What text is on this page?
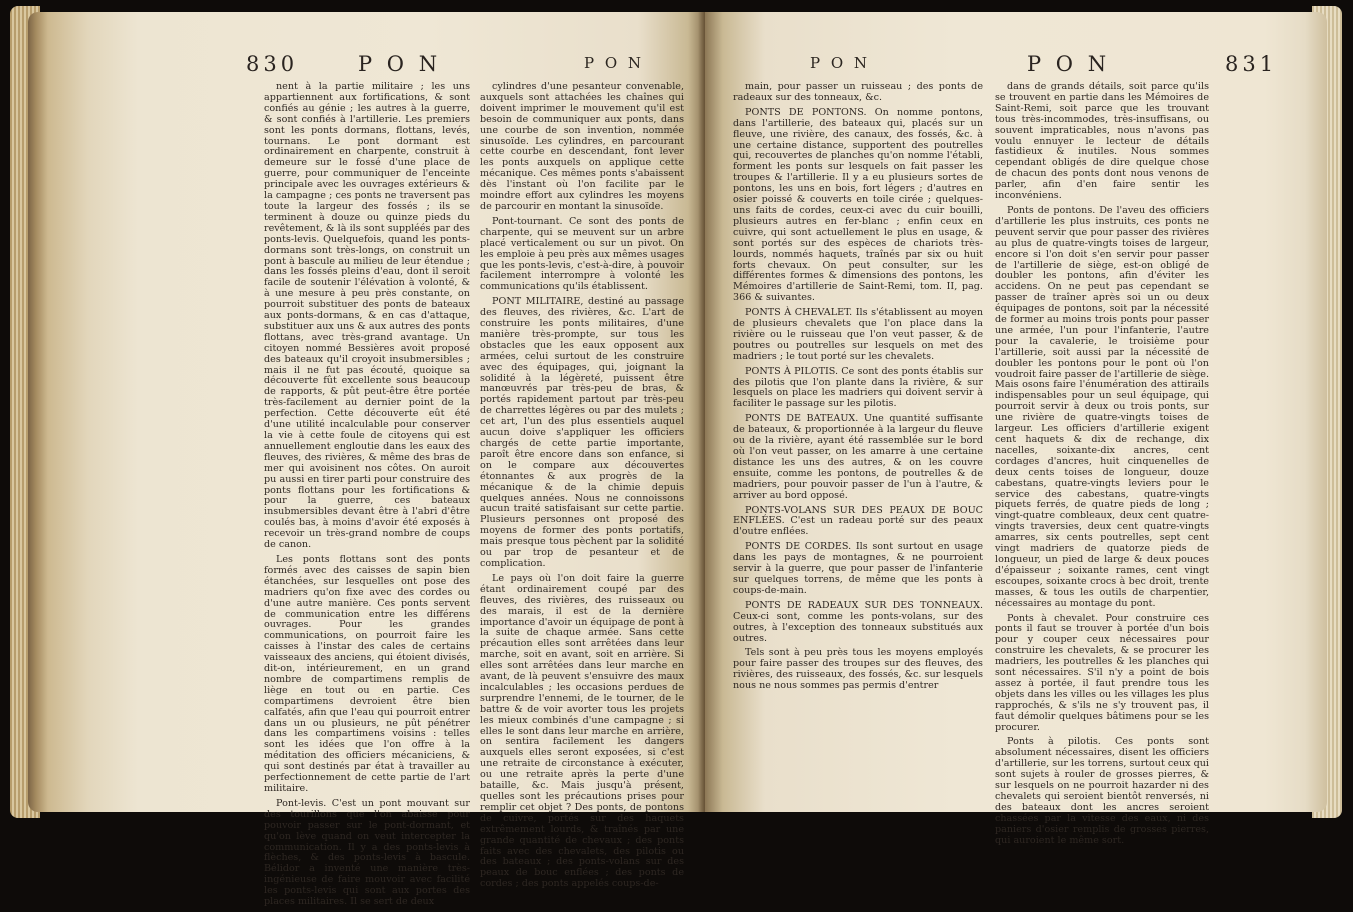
830	P O N	P O N

nent à la partie militaire ; les uns appartiennent aux fortifications, & sont confiés au génie ; les autres à la guerre, & sont confiés à l'artillerie. Les premiers sont les ponts dormans, flottans, levés, tournans. Le pont dormant est ordinairement en charpente, construit à demeure sur le fossé d'une place de guerre, pour communiquer de l'enceinte principale avec les ouvrages extérieurs & la campagne ; ces ponts ne traversent pas toute la largeur des fossés ; ils se terminent à douze ou quinze pieds du revêtement, & là ils sont suppléés par des ponts-levis. Quelquefois, quand les ponts-dormans sont très-longs, on construit un pont à bascule au milieu de leur étendue ; dans les fossés pleins d'eau, dont il seroit facile de soutenir l'élévation à volonté, & à une mesure à peu près constante, on pourroit substituer des ponts de bateaux aux ponts-dormans, & en cas d'attaque, substituer aux uns & aux autres des ponts flottans, avec très-grand avantage. Un citoyen nommé Bessières avoit proposé des bateaux qu'il croyoit insubmersibles ; mais il ne fut pas écouté, quoique sa découverte fût excellente sous beaucoup de rapports, & pût peut-être être portée très-facilement au dernier point de la perfection. Cette découverte eût été d'une utilité incalculable pour conserver la vie à cette foule de citoyens qui est annuellement engloutie dans les eaux des fleuves, des rivières, & même des bras de mer qui avoisinent nos côtes. On auroit pu aussi en tirer parti pour construire des ponts flottans pour les fortifications & pour la guerre, ces bateaux insubmersibles devant être à l'abri d'être coulés bas, à moins d'avoir été exposés à recevoir un très-grand nombre de coups de canon.

Les ponts flottans sont des ponts formés avec des caisses de sapin bien étanchées, sur lesquelles ont pose des madriers qu'on fixe avec des cordes ou d'une autre manière. Ces ponts servent de communication entre les différens ouvrages. Pour les grandes communications, on pourroit faire les caisses à l'instar des cales de certains vaisseaux des anciens, qui étoient divisés, dit-on, intérieurement, en un grand nombre de compartimens remplis de liège en tout ou en partie. Ces compartimens devroient être bien calfatés, afin que l'eau qui pourroit entrer dans un ou plusieurs, ne pût pénétrer dans les compartimens voisins : telles sont les idées que l'on offre à la méditation des officiers mécaniciens, & qui sont destinés par état à travailler au perfectionnement de cette partie de l'art militaire.

Pont-levis. C'est un pont mouvant sur des tourillons que l'on abaisse pour pouvoir passer sur le pont-dormant, et qu'on lève quand on veut intercepter la communication. Il y a des ponts-levis à flèches, & des ponts-levis à bascule. Bélidor a inventé une manière très-ingénieuse de faire mouvoir avec facilité les ponts-levis qui sont aux portes des places militaires. Il se sert de deux

cylindres d'une pesanteur convenable, auxquels sont attachées les chaînes qui doivent imprimer le mouvement qu'il est besoin de communiquer aux ponts, dans une courbe de son invention, nommée sinusoïde. Les cylindres, en parcourant cette courbe en descendant, font lever les ponts auxquels on applique cette mécanique. Ces mêmes ponts s'abaissent dès l'instant où l'on facilite par le moindre effort aux cylindres les moyens de parcourir en montant la sinusoïde.

Pont-tournant. Ce sont des ponts de charpente, qui se meuvent sur un arbre placé verticalement ou sur un pivot. On les emploie à peu près aux mêmes usages que les ponts-levis, c'est-à-dire, à pouvoir facilement interrompre à volonté les communications qu'ils établissent.

PONT MILITAIRE, destiné au passage des fleuves, des rivières, &c. L'art de construire les ponts militaires, d'une manière très-prompte, sur tous les obstacles que les eaux opposent aux armées, celui surtout de les construire avec des équipages, qui, joignant la solidité à la légèreté, puissent être manœuvrés par très-peu de bras, & portés rapidement partout par très-peu de charrettes légères ou par des mulets ; cet art, l'un des plus essentiels auquel aucun doive s'appliquer les officiers chargés de cette partie importante, paroît être encore dans son enfance, si on le compare aux découvertes étonnantes & aux progrès de la mécanique & de la chimie depuis quelques années. Nous ne connoissons aucun traité satisfaisant sur cette partie. Plusieurs personnes ont proposé des moyens de former des ponts portatifs, mais presque tous pèchent par la solidité ou par trop de pesanteur et de complication.

Le pays où l'on doit faire la guerre étant ordinairement coupé par des fleuves, des rivières, des ruisseaux ou des marais, il est de la dernière importance d'avoir un équipage de pont à la suite de chaque armée. Sans cette précaution elles sont arrêtées dans leur marche, soit en avant, soit en arrière. Si elles sont arrêtées dans leur marche en avant, de là peuvent s'ensuivre des maux incalculables ; les occasions perdues de surprendre l'ennemi, de le tourner, de le battre & de voir avorter tous les projets les mieux combinés d'une campagne ; si elles le sont dans leur marche en arrière, on sentira facilement les dangers auxquels elles seront exposées, si c'est une retraite de circonstance à exécuter, ou une retraite après la perte d'une bataille, &c. Mais jusqu'à présent, quelles sont les précautions prises pour remplir cet objet ? Des ponts, de pontons de cuivre, portés sur des haquets extrêmement lourds, & traînés par une grande quantité de chevaux ; des ponts faits avec des chevalets, des pilotis ou des bateaux ; des ponts-volans sur des peaux de bouc enflées ; des ponts de cordes ; des ponts appelés coups-de-

P O N	P O N	831

main, pour passer un ruisseau ; des ponts de radeaux sur des tonneaux, &c.

PONTS DE PONTONS. On nomme pontons, dans l'artillerie, des bateaux qui, placés sur un fleuve, une rivière, des canaux, des fossés, &c. à une certaine distance, supportent des poutrelles qui, recouvertes de planches qu'on nomme l'établi, forment les ponts sur lesquels on fait passer les troupes & l'artillerie. Il y a eu plusieurs sortes de pontons, les uns en bois, fort légers ; d'autres en osier poissé & couverts en toile cirée ; quelques-uns faits de cordes, ceux-ci avec du cuir bouilli, plusieurs autres en fer-blanc ; enfin ceux en cuivre, qui sont actuellement le plus en usage, & sont portés sur des espèces de chariots très-lourds, nommés haquets, traînés par six ou huit forts chevaux. On peut consulter, sur les différentes formes & dimensions des pontons, les Mémoires d'artillerie de Saint-Remi, tom. II, pag. 366 & suivantes.

PONTS À CHEVALET. Ils s'établissent au moyen de plusieurs chevalets que l'on place dans la rivière ou le ruisseau que l'on veut passer, & de poutres ou poutrelles sur lesquels on met des madriers ; le tout porté sur les chevalets.

PONTS À PILOTIS. Ce sont des ponts établis sur des pilotis que l'on plante dans la rivière, & sur lesquels on place les madriers qui doivent servir à faciliter le passage sur les pilotis.

PONTS DE BATEAUX. Une quantité suffisante de bateaux, & proportionnée à la largeur du fleuve ou de la rivière, ayant été rassemblée sur le bord où l'on veut passer, on les amarre à une certaine distance les uns des autres, & on les couvre ensuite, comme les pontons, de poutrelles & de madriers, pour pouvoir passer de l'un à l'autre, & arriver au bord opposé.

PONTS-VOLANS SUR DES PEAUX DE BOUC ENFLÉES. C'est un radeau porté sur des peaux d'outre enflées.

PONTS DE CORDES. Ils sont surtout en usage dans les pays de montagnes, & ne pourroient servir à la guerre, que pour passer de l'infanterie sur quelques torrens, de même que les ponts à coups-de-main.

PONTS DE RADEAUX SUR DES TONNEAUX. Ceux-ci sont, comme les ponts-volans, sur des outres, à l'exception des tonneaux substitués aux outres.

Tels sont à peu près tous les moyens employés pour faire passer des troupes sur des fleuves, des rivières, des ruisseaux, des fossés, &c. sur lesquels nous ne nous sommes pas permis d'entrer

dans de grands détails, soit parce qu'ils se trouvent en partie dans les Mémoires de Saint-Remi, soit parce que les trouvant tous très-incommodes, très-insuffisans, ou souvent impraticables, nous n'avons pas voulu ennuyer le lecteur de détails fastidieux & inutiles. Nous sommes cependant obligés de dire quelque chose de chacun des ponts dont nous venons de parler, afin d'en faire sentir les inconvéniens.

Ponts de pontons. De l'aveu des officiers d'artillerie les plus instruits, ces ponts ne peuvent servir que pour passer des rivières au plus de quatre-vingts toises de largeur, encore si l'on doit s'en servir pour passer de l'artillerie de siège, est-on obligé de doubler les pontons, afin d'éviter les accidens. On ne peut pas cependant se passer de traîner après soi un ou deux équipages de pontons, soit par la nécessité de former au moins trois ponts pour passer une armée, l'un pour l'infanterie, l'autre pour la cavalerie, le troisième pour l'artillerie, soit aussi par la nécessité de doubler les pontons pour le pont où l'on voudroit faire passer de l'artillerie de siège. Mais osons faire l'énumération des attirails indispensables pour un seul équipage, qui pourroit servir à deux ou trois ponts, sur une rivière de quatre-vingts toises de largeur. Les officiers d'artillerie exigent cent haquets & dix de rechange, dix nacelles, soixante-dix ancres, cent cordages d'ancres, huit cinquenelles de deux cents toises de longueur, douze cabestans, quatre-vingts leviers pour le service des cabestans, quatre-vingts piquets ferrés, de quatre pieds de long ; vingt-quatre combleaux, deux cent quatre-vingts traversies, deux cent quatre-vingts amarres, six cents poutrelles, sept cent vingt madriers de quatorze pieds de longueur, un pied de large & deux pouces d'épaisseur ; soixante rames, cent vingt escoupes, soixante crocs à bec droit, trente masses, & tous les outils de charpentier, nécessaires au montage du pont.

Ponts à chevalet. Pour construire ces ponts il faut se trouver à portée d'un bois pour y couper ceux nécessaires pour construire les chevalets, & se procurer les madriers, les poutrelles & les planches qui sont nécessaires. S'il n'y a point de bois assez à portée, il faut prendre tous les objets dans les villes ou les villages les plus rapprochés, & s'ils ne s'y trouvent pas, il faut démolir quelques bâtimens pour se les procurer.

Ponts à pilotis. Ces ponts sont absolument nécessaires, disent les officiers d'artillerie, sur les torrens, surtout ceux qui sont sujets à rouler de grosses pierres, & sur lesquels on ne pourroit hazarder ni des chevalets qui seroient bientôt renversés, ni des bateaux dont les ancres seroient chassées par la vitesse des eaux, ni des paniers d'osier remplis de grosses pierres, qui auroient le même sort.
